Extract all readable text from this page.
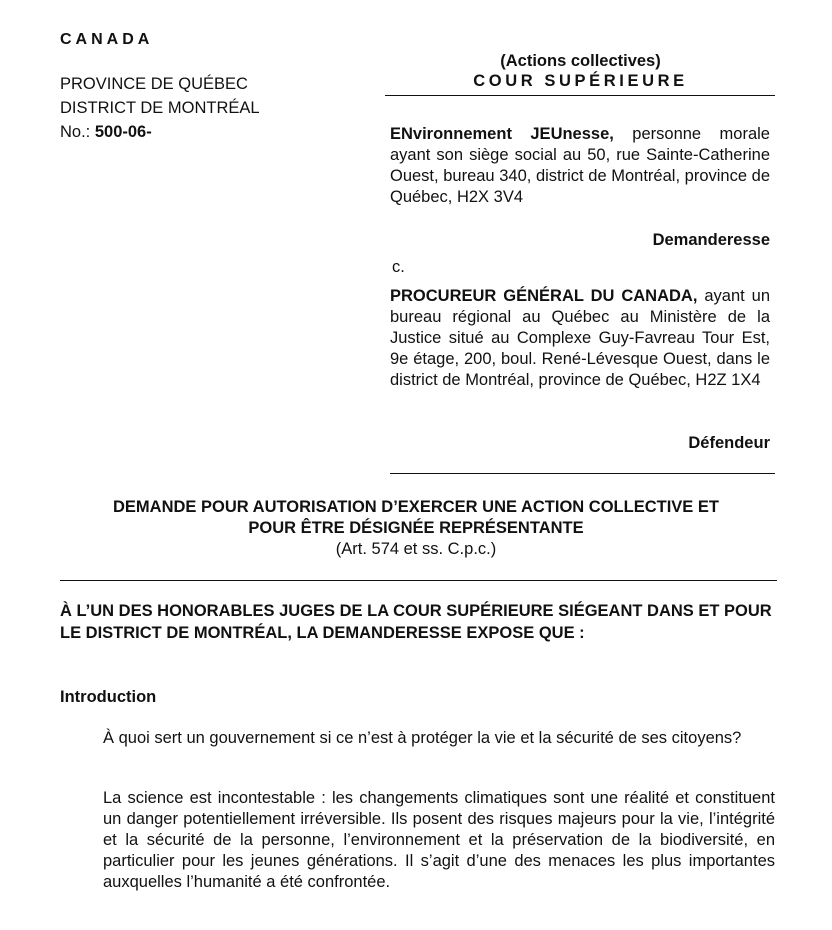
CANADA
PROVINCE DE QUÉBEC
DISTRICT DE MONTRÉAL
No.: 500-06-
(Actions collectives)
COUR SUPÉRIEURE
ENvironnement JEUnesse, personne morale ayant son siège social au 50, rue Sainte-Catherine Ouest, bureau 340, district de Montréal, province de Québec, H2X 3V4
Demanderesse
c.
PROCUREUR GÉNÉRAL DU CANADA, ayant un bureau régional au Québec au Ministère de la Justice situé au Complexe Guy-Favreau Tour Est, 9e étage, 200, boul. René-Lévesque Ouest, dans le district de Montréal, province de Québec, H2Z 1X4
Défendeur
DEMANDE POUR AUTORISATION D’EXERCER UNE ACTION COLLECTIVE ET
POUR ÊTRE DÉSIGNÉE REPRÉSENTANTE
(Art. 574 et ss. C.p.c.)
À L’UN DES HONORABLES JUGES DE LA COUR SUPÉRIEURE SIÉGEANT DANS ET POUR LE DISTRICT DE MONTRÉAL, LA DEMANDERESSE EXPOSE QUE :
Introduction
À quoi sert un gouvernement si ce n’est à protéger la vie et la sécurité de ses citoyens?
La science est incontestable : les changements climatiques sont une réalité et constituent un danger potentiellement irréversible. Ils posent des risques majeurs pour la vie, l’intégrité et la sécurité de la personne, l’environnement et la préservation de la biodiversité, en particulier pour les jeunes générations. Il s’agit d’une des menaces les plus importantes auxquelles l’humanité a été confrontée.
